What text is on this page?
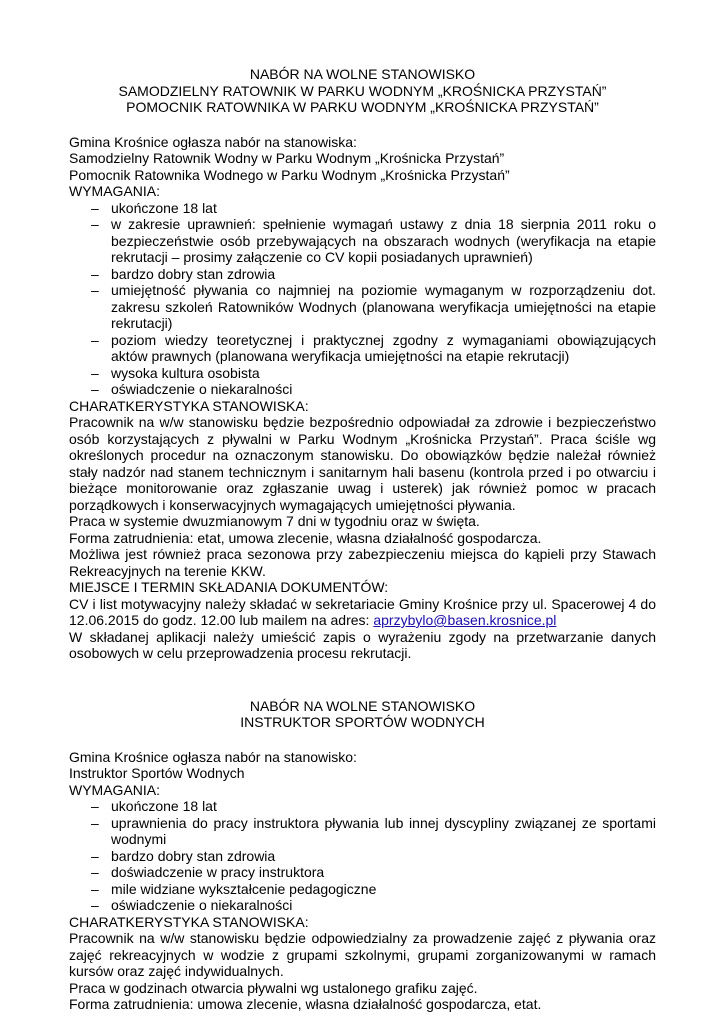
NABÓR NA WOLNE STANOWISKO
SAMODZIELNY RATOWNIK W PARKU WODNYM „KROŚNICKA PRZYSTAŃ”
POMOCNIK RATOWNIKA W PARKU WODNYM „KROŚNICKA PRZYSTAŃ”
Gmina Krośnice ogłasza nabór na stanowiska:
Samodzielny Ratownik Wodny w Parku Wodnym „Krośnicka Przystań”
Pomocnik Ratownika Wodnego w Parku Wodnym „Krośnicka Przystań”
WYMAGANIA:
– ukończone 18 lat
– w zakresie uprawnień: spełnienie wymagań ustawy z dnia 18 sierpnia 2011 roku o bezpieczeństwie osób przebywających na obszarach wodnych (weryfikacja na etapie rekrutacji – prosimy załączenie co CV kopii posiadanych uprawnień)
– bardzo dobry stan zdrowia
– umiejętność pływania co najmniej na poziomie wymaganym w rozporządzeniu dot. zakresu szkoleń Ratowników Wodnych (planowana weryfikacja umiejętności na etapie rekrutacji)
– poziom wiedzy teoretycznej i praktycznej zgodny z wymaganiami obowiązujących aktów prawnych (planowana weryfikacja umiejętności na etapie rekrutacji)
– wysoka kultura osobista
– oświadczenie o niekaralności
CHARATKERYSTYKA STANOWISKA:
Pracownik na w/w stanowisku będzie bezpośrednio odpowiadał za zdrowie i bezpieczeństwo osób korzystających z pływalni w Parku Wodnym „Krośnicka Przystań”. Praca ściśle wg określonych procedur na oznaczonym stanowisku. Do obowiązków będzie należał również stały nadzór nad stanem technicznym i sanitarnym hali basenu (kontrola przed i po otwarciu i bieżące monitorowanie oraz zgłaszanie uwag i usterek) jak również pomoc w pracach porządkowych i konserwacyjnych wymagających umiejętności pływania.
Praca w systemie dwuzmianowym 7 dni w tygodniu oraz w święta.
Forma zatrudnienia: etat, umowa zlecenie, własna działalność gospodarcza.
Możliwa jest również praca sezonowa przy zabezpieczeniu miejsca do kąpieli przy Stawach Rekreacyjnych na terenie KKW.
MIEJSCE I TERMIN SKŁADANIA DOKUMENTÓW:
CV i list motywacyjny należy składać w sekretariacie Gminy Krośnice przy ul. Spacerowej 4 do 12.06.2015 do godz. 12.00 lub mailem na adres: aprzybylo@basen.krosnice.pl
W składanej aplikacji należy umieścić zapis o wyrażeniu zgody na przetwarzanie danych osobowych w celu przeprowadzenia procesu rekrutacji.
NABÓR NA WOLNE STANOWISKO
INSTRUKTOR SPORTÓW WODNYCH
Gmina Krośnice ogłasza nabór na stanowisko:
Instruktor Sportów Wodnych
WYMAGANIA:
– ukończone 18 lat
– uprawnienia do pracy instruktora pływania lub innej dyscypliny związanej ze sportami wodnymi
– bardzo dobry stan zdrowia
– doświadczenie w pracy instruktora
– mile widziane wykształcenie pedagogiczne
– oświadczenie o niekaralności
CHARATKERYSTYKA STANOWISKA:
Pracownik na w/w stanowisku będzie odpowiedzialny za prowadzenie zajęć z pływania oraz zajęć rekreacyjnych w wodzie z grupami szkolnymi, grupami zorganizowanymi w ramach kursów oraz zajęć indywidualnych.
Praca w godzinach otwarcia pływalni wg ustalonego grafiku zajęć.
Forma zatrudnienia: umowa zlecenie, własna działalność gospodarcza, etat.
